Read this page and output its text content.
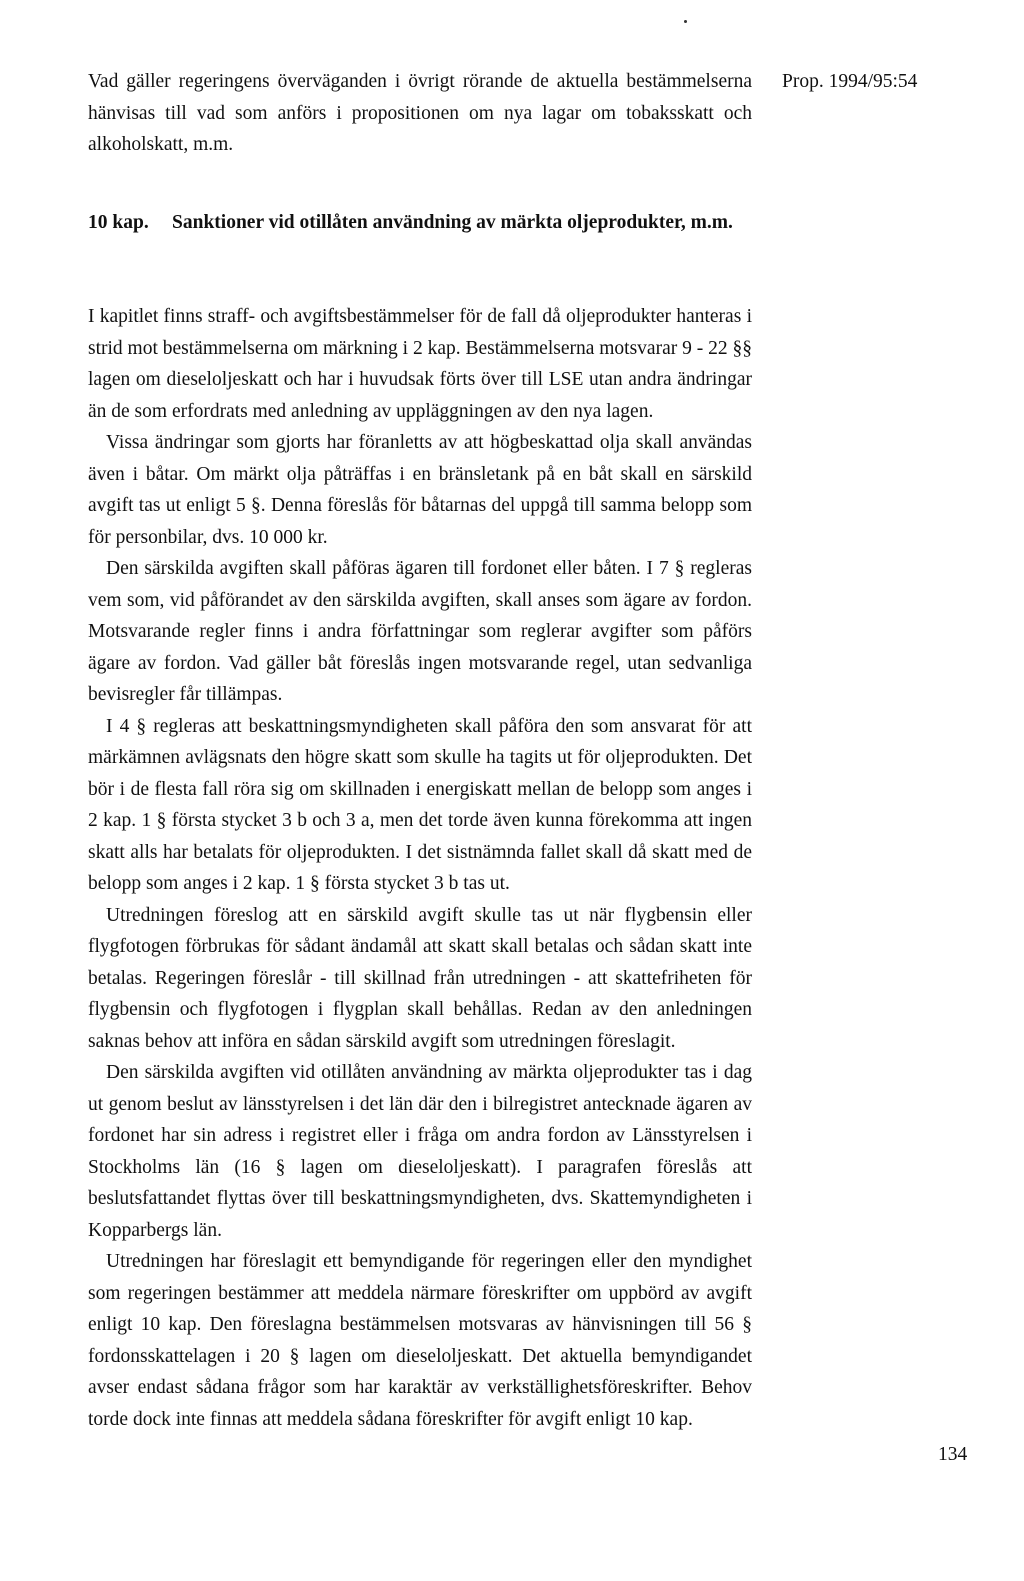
Vad gäller regeringens överväganden i övrigt rörande de aktuella bestämmelserna hänvisas till vad som anförs i propositionen om nya lagar om tobaksskatt och alkoholskatt, m.m.

Prop. 1994/95:54
10 kap. Sanktioner vid otillåten användning av märkta oljeprodukter, m.m.

I kapitlet finns straff- och avgiftsbestämmelser för de fall då oljeprodukter hanteras i strid mot bestämmelserna om märkning i 2 kap. Bestämmelserna motsvarar 9 - 22 §§ lagen om dieseloljeskatt och har i huvudsak förts över till LSE utan andra ändringar än de som erfordrats med anledning av uppläggningen av den nya lagen.

Vissa ändringar som gjorts har föranletts av att högbeskattad olja skall användas även i båtar. Om märkt olja påträffas i en bränsletank på en båt skall en särskild avgift tas ut enligt 5 §. Denna föreslås för båtarnas del uppgå till samma belopp som för personbilar, dvs. 10 000 kr.

Den särskilda avgiften skall påföras ägaren till fordonet eller båten. I 7 § regleras vem som, vid påförandet av den särskilda avgiften, skall anses som ägare av fordon. Motsvarande regler finns i andra författningar som reglerar avgifter som påförs ägare av fordon. Vad gäller båt föreslås ingen motsvarande regel, utan sedvanliga bevisregler får tillämpas.

I 4 § regleras att beskattningsmyndigheten skall påföra den som ansvarat för att märkämnen avlägsnats den högre skatt som skulle ha tagits ut för oljeprodukten. Det bör i de flesta fall röra sig om skillnaden i energiskatt mellan de belopp som anges i 2 kap. 1 § första stycket 3 b och 3 a, men det torde även kunna förekomma att ingen skatt alls har betalats för oljeprodukten. I det sistnämnda fallet skall då skatt med de belopp som anges i 2 kap. 1 § första stycket 3 b tas ut.

Utredningen föreslog att en särskild avgift skulle tas ut när flygbensin eller flygfotogen förbrukas för sådant ändamål att skatt skall betalas och sådan skatt inte betalas. Regeringen föreslår - till skillnad från utredningen - att skattefriheten för flygbensin och flygfotogen i flygplan skall behållas. Redan av den anledningen saknas behov att införa en sådan särskild avgift som utredningen föreslagit.

Den särskilda avgiften vid otillåten användning av märkta oljeprodukter tas i dag ut genom beslut av länsstyrelsen i det län där den i bilregistret antecknade ägaren av fordonet har sin adress i registret eller i fråga om andra fordon av Länsstyrelsen i Stockholms län (16 § lagen om dieseloljeskatt). I paragrafen föreslås att beslutsfattandet flyttas över till beskattningsmyndigheten, dvs. Skattemyndigheten i Kopparbergs län.

Utredningen har föreslagit ett bemyndigande för regeringen eller den myndighet som regeringen bestämmer att meddela närmare föreskrifter om uppbörd av avgift enligt 10 kap. Den föreslagna bestämmelsen motsvaras av hänvisningen till 56 § fordonsskattelagen i 20 § lagen om dieseloljeskatt. Det aktuella bemyndigandet avser endast sådana frågor som har karaktär av verkställighetsföreskrifter. Behov torde dock inte finnas att meddela sådana föreskrifter för avgift enligt 10 kap.

134
